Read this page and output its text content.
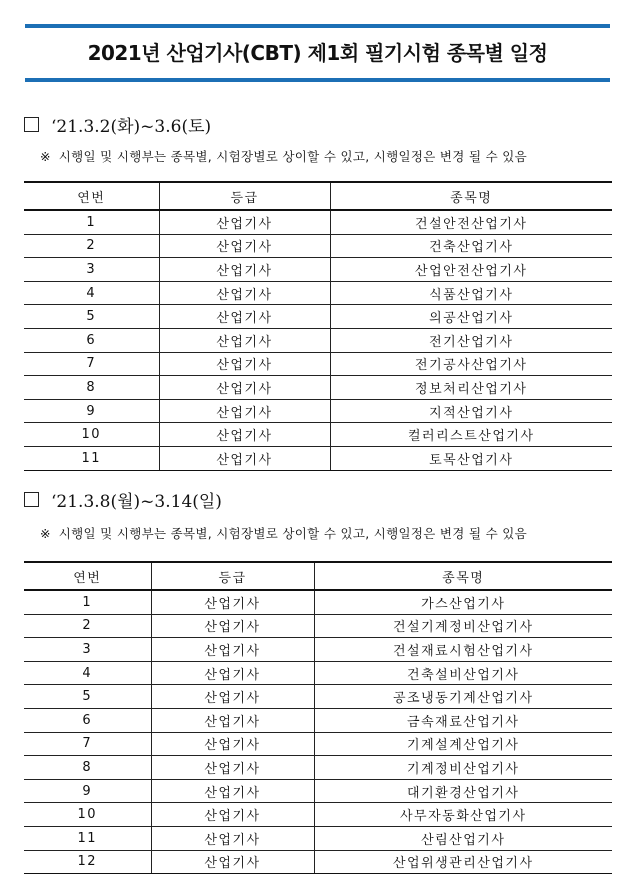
2021년 산업기사(CBT) 제1회 필기시험 종목별 일정
‘21.3.2(화)~3.6(토)
※ 시행일 및 시행부는 종목별, 시험장별로 상이할 수 있고, 시행일정은 변경 될 수 있음
연번	등급	종목명
1	산업기사	건설안전산업기사
2	산업기사	건축산업기사
3	산업기사	산업안전산업기사
4	산업기사	식품산업기사
5	산업기사	의공산업기사
6	산업기사	전기산업기사
7	산업기사	전기공사산업기사
8	산업기사	정보처리산업기사
9	산업기사	지적산업기사
10	산업기사	컬러리스트산업기사
11	산업기사	토목산업기사
‘21.3.8(월)~3.14(일)
※ 시행일 및 시행부는 종목별, 시험장별로 상이할 수 있고, 시행일정은 변경 될 수 있음
연번	등급	종목명
1	산업기사	가스산업기사
2	산업기사	건설기계정비산업기사
3	산업기사	건설재료시험산업기사
4	산업기사	건축설비산업기사
5	산업기사	공조냉동기계산업기사
6	산업기사	금속재료산업기사
7	산업기사	기계설계산업기사
8	산업기사	기계정비산업기사
9	산업기사	대기환경산업기사
10	산업기사	사무자동화산업기사
11	산업기사	산림산업기사
12	산업기사	산업위생관리산업기사
